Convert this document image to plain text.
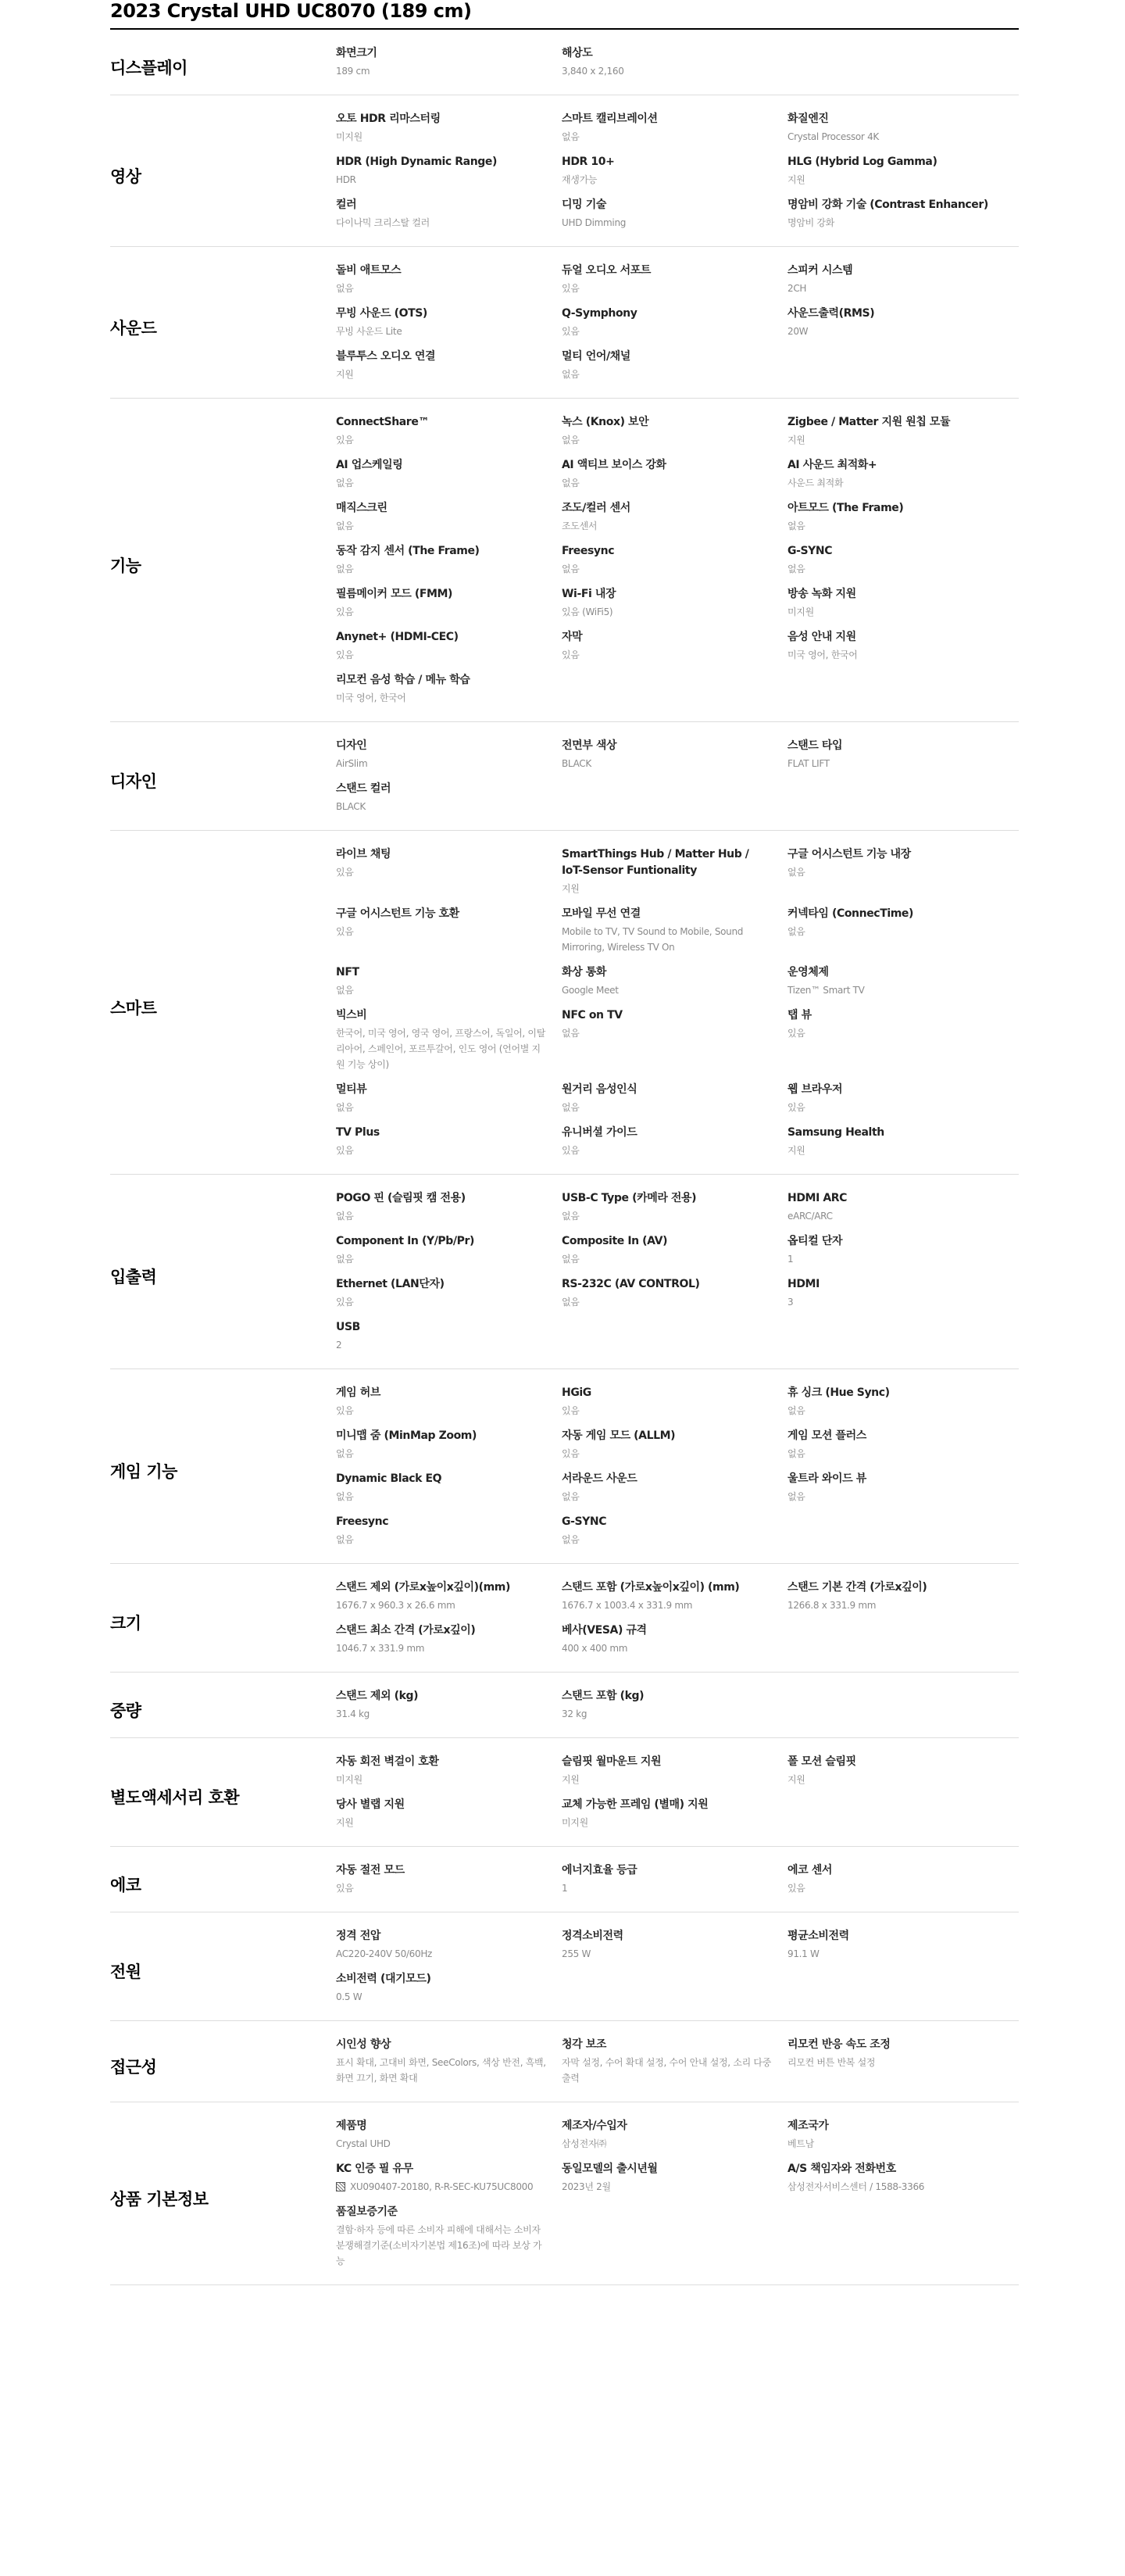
2023 Crystal UHD UC8070 (189 cm)
디스플레이
화면크기
189 cm
해상도
3,840 x 2,160
영상
오토 HDR 리마스터링
미지원
스마트 캘리브레이션
없음
화질엔진
Crystal Processor 4K
HDR (High Dynamic Range)
HDR
HDR 10+
재생가능
HLG (Hybrid Log Gamma)
지원
컬러
다이나믹 크리스탈 컬러
디밍 기술
UHD Dimming
명암비 강화 기술 (Contrast Enhancer)
명암비 강화
사운드
돌비 애트모스
없음
듀얼 오디오 서포트
있음
스피커 시스템
2CH
무빙 사운드 (OTS)
무빙 사운드 Lite
Q-Symphony
있음
사운드출력(RMS)
20W
블루투스 오디오 연결
지원
멀티 언어/채널
없음
기능
ConnectShare™
있음
녹스 (Knox) 보안
없음
Zigbee / Matter 지원 원칩 모듈
지원
AI 업스케일링
없음
AI 액티브 보이스 강화
없음
AI 사운드 최적화+
사운드 최적화
매직스크린
없음
조도/컬러 센서
조도센서
아트모드 (The Frame)
없음
동작 감지 센서 (The Frame)
없음
Freesync
없음
G-SYNC
없음
필름메이커 모드 (FMM)
있음
Wi-Fi 내장
있음 (WiFi5)
방송 녹화 지원
미지원
Anynet+ (HDMI-CEC)
있음
자막
있음
음성 안내 지원
미국 영어, 한국어
리모컨 음성 학습 / 메뉴 학습
미국 영어, 한국어
디자인
디자인
AirSlim
전면부 색상
BLACK
스탠드 타입
FLAT LIFT
스탠드 컬러
BLACK
스마트
라이브 채팅
있음
SmartThings Hub / Matter Hub / IoT-Sensor Funtionality
지원
구글 어시스턴트 기능 내장
없음
구글 어시스턴트 기능 호환
있음
모바일 무선 연결
Mobile to TV, TV Sound to Mobile, Sound Mirroring, Wireless TV On
커넥타임 (ConnecTime)
없음
NFT
없음
화상 통화
Google Meet
운영체제
Tizen™ Smart TV
빅스비
한국어, 미국 영어, 영국 영어, 프랑스어, 독일어, 이탈리아어, 스페인어, 포르투갈어, 인도 영어 (언어별 지원 기능 상이)
NFC on TV
없음
탭 뷰
있음
멀티뷰
없음
원거리 음성인식
없음
웹 브라우저
있음
TV Plus
있음
유니버셜 가이드
있음
Samsung Health
지원
입출력
POGO 핀 (슬림핏 캠 전용)
없음
USB-C Type (카메라 전용)
없음
HDMI ARC
eARC/ARC
Component In (Y/Pb/Pr)
없음
Composite In (AV)
없음
옵티컬 단자
1
Ethernet (LAN단자)
있음
RS-232C (AV CONTROL)
없음
HDMI
3
USB
2
게임 기능
게임 허브
있음
HGiG
있음
휴 싱크 (Hue Sync)
없음
미니맵 줌 (MinMap Zoom)
없음
자동 게임 모드 (ALLM)
있음
게임 모션 플러스
없음
Dynamic Black EQ
없음
서라운드 사운드
없음
울트라 와이드 뷰
없음
Freesync
없음
G-SYNC
없음
크기
스탠드 제외 (가로x높이x깊이)(mm)
1676.7 x 960.3 x 26.6 mm
스탠드 포함 (가로x높이x깊이) (mm)
1676.7 x 1003.4 x 331.9 mm
스탠드 기본 간격 (가로x깊이)
1266.8 x 331.9 mm
스탠드 최소 간격 (가로x깊이)
1046.7 x 331.9 mm
베사(VESA) 규격
400 x 400 mm
중량
스탠드 제외 (kg)
31.4 kg
스탠드 포함 (kg)
32 kg
별도액세서리 호환
자동 회전 벽걸이 호환
미지원
슬림핏 월마운트 지원
지원
폴 모션 슬림핏
지원
당사 별랩 지원
지원
교체 가능한 프레임 (별매) 지원
미지원
에코
자동 절전 모드
있음
에너지효율 등급
1
에코 센서
있음
전원
정격 전압
AC220-240V 50/60Hz
정격소비전력
255 W
평균소비전력
91.1 W
소비전력 (대기모드)
0.5 W
접근성
시인성 향상
표시 확대, 고대비 화면, SeeColors, 색상 반전, 흑백, 화면 끄기, 화면 확대
청각 보조
자막 설정, 수어 확대 설정, 수어 안내 설정, 소리 다중출력
리모컨 반응 속도 조정
리모컨 버튼 반복 설정
상품 기본정보
제품명
Crystal UHD
제조자/수입자
삼성전자㈜
제조국가
베트남
KC 인증 필 유무
XU090407-20180, R-R-SEC-KU75UC8000
동일모델의 출시년월
2023년 2월
A/S 책임자와 전화번호
삼성전자서비스센터 / 1588-3366
품질보증기준
결함·하자 등에 따른 소비자 피해에 대해서는 소비자분쟁해결기준(소비자기본법 제16조)에 따라 보상 가능
